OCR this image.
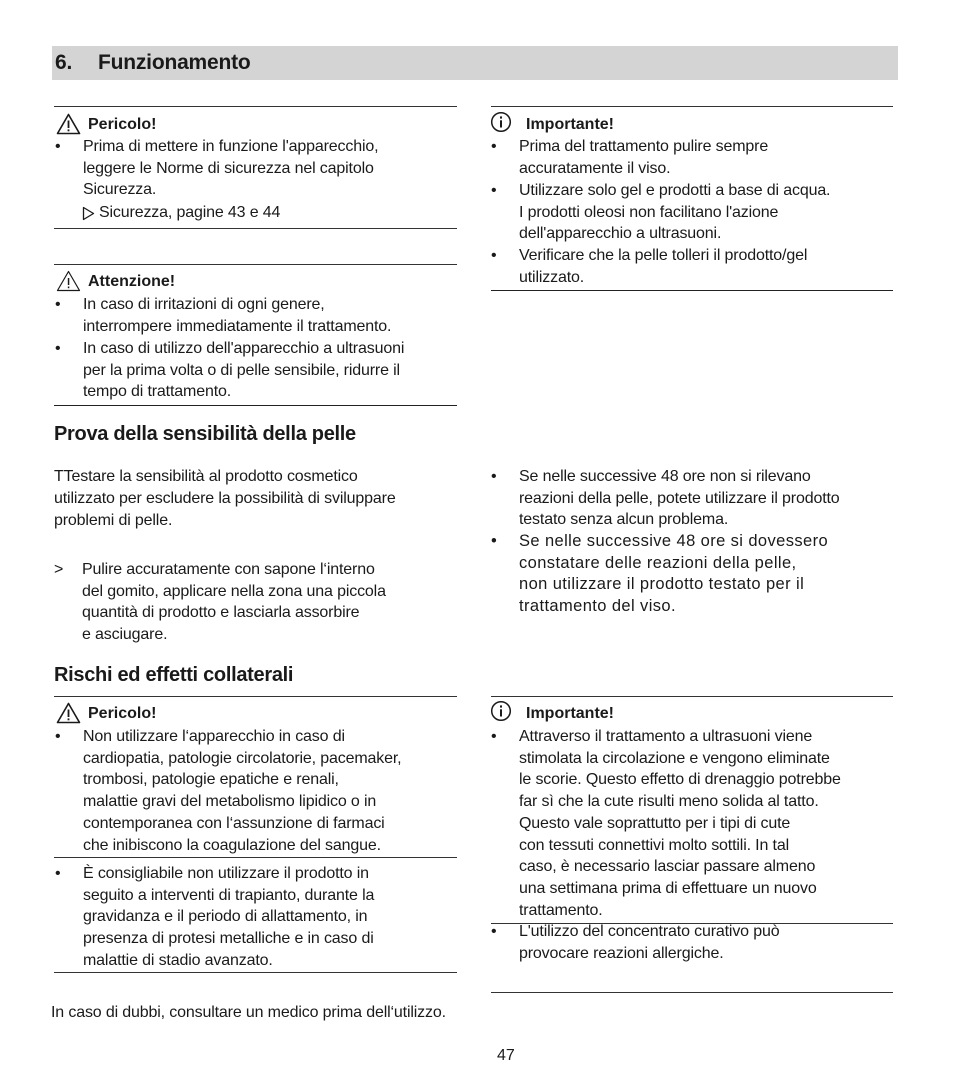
6. Funzionamento
Pericolo!
• Prima di mettere in funzione l'apparecchio,
leggere le Norme di sicurezza nel capitolo
Sicurezza.
Sicurezza, pagine 43 e 44
Attenzione!
• In caso di irritazioni di ogni genere,
interrompere immediatamente il trattamento.
• In caso di utilizzo dell'apparecchio a ultrasuoni
per la prima volta o di pelle sensibile, ridurre il
tempo di trattamento.
Importante!
• Prima del trattamento pulire sempre
accuratamente il viso.
• Utilizzare solo gel e prodotti a base di acqua.
I prodotti oleosi non facilitano l'azione
dell'apparecchio a ultrasuoni.
• Verificare che la pelle tolleri il prodotto/gel
utilizzato.
Prova della sensibilità della pelle
TTestare la sensibilità al prodotto cosmetico
utilizzato per escludere la possibilità di sviluppare
problemi di pelle.
> Pulire accuratamente con sapone l‘interno
del gomito, applicare nella zona una piccola
quantità di prodotto e lasciarla assorbire
e asciugare.
• Se nelle successive 48 ore non si rilevano
reazioni della pelle, potete utilizzare il prodotto
testato senza alcun problema.
• Se nelle successive 48 ore si dovessero
constatare delle reazioni della pelle,
non utilizzare il prodotto testato per il
trattamento del viso.
Rischi ed effetti collaterali
Pericolo!
• Non utilizzare l‘apparecchio in caso di
cardiopatia, patologie circolatorie, pacemaker,
trombosi, patologie epatiche e renali,
malattie gravi del metabolismo lipidico o in
contemporanea con l‘assunzione di farmaci
che inibiscono la coagulazione del sangue.
• È consigliabile non utilizzare il prodotto in
seguito a interventi di trapianto, durante la
gravidanza e il periodo di allattamento, in
presenza di protesi metalliche e in caso di
malattie di stadio avanzato.
Importante!
• Attraverso il trattamento a ultrasuoni viene
stimolata la circolazione e vengono eliminate
le scorie. Questo effetto di drenaggio potrebbe
far sì che la cute risulti meno solida al tatto.
Questo vale soprattutto per i tipi di cute
con tessuti connettivi molto sottili. In tal
caso, è necessario lasciar passare almeno
una settimana prima di effettuare un nuovo
trattamento.
• L'utilizzo del concentrato curativo può
provocare reazioni allergiche.
In caso di dubbi, consultare un medico prima dell‘utilizzo.
47
